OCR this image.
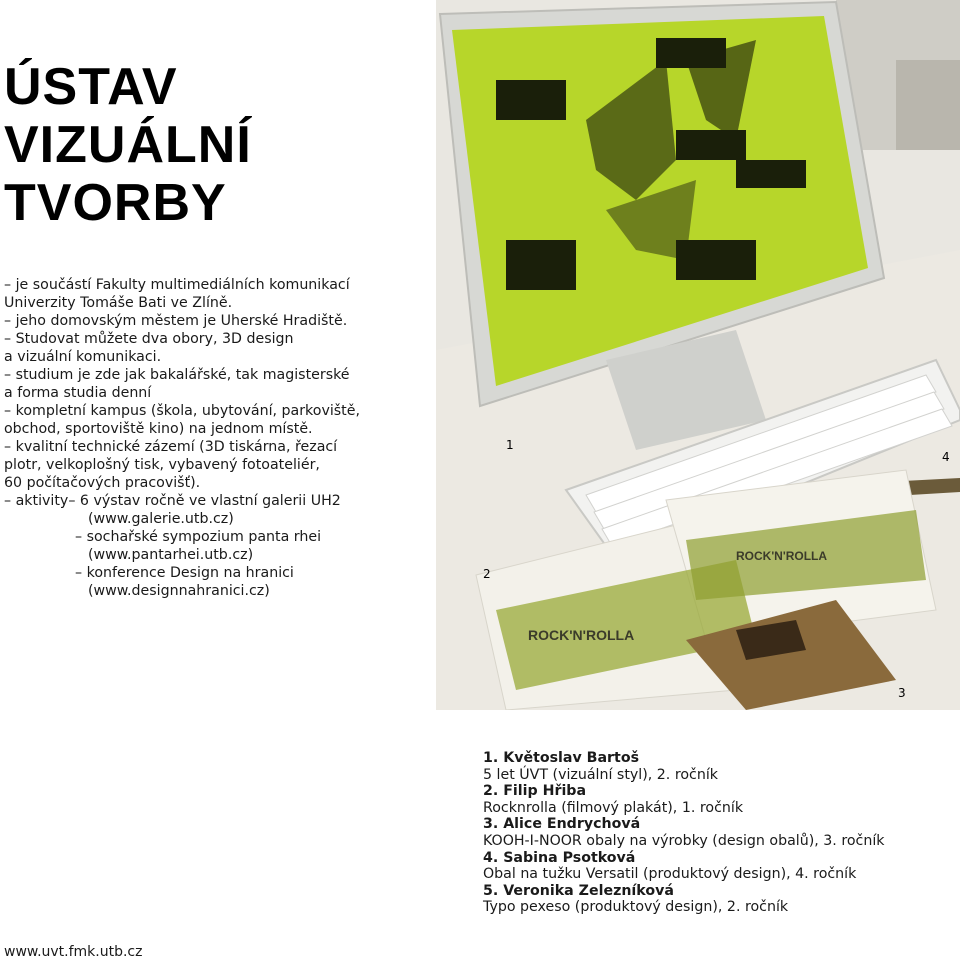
ÚSTAV
VIZUÁLNÍ
TVORBY
– je součástí Fakulty multimediálních komunikací
Univerzity Tomáše Bati ve Zlíně.
– jeho domovským městem je Uherské Hradiště.
– Studovat můžete dva obory, 3D design
a vizuální komunikaci.
– studium je zde jak bakalářské, tak magisterské
a forma studia denní
– kompletní kampus (škola, ubytování, parkoviště,
obchod, sportoviště kino) na jednom místě.
– kvalitní technické zázemí (3D tiskárna, řezací
plotr, velkoplošný tisk, vybavený fotoateliér,
60 počítačových pracovišť).
– aktivity– 6 výstav ročně ve vlastní galerii UH2
(www.galerie.utb.cz)
– sochařské sympozium panta rhei
(www.pantarhei.utb.cz)
– konference Design na hranici
(www.designnahranici.cz)
ROCK'N'ROLLA
ROCK'N'ROLLA
1
2
3
4
1. Květoslav Bartoš
5 let ÚVT (vizuální styl), 2. ročník
2. Filip Hřiba
Rocknrolla (filmový plakát), 1. ročník
3. Alice Endrychová
KOOH-I-NOOR obaly na výrobky (design obalů), 3. ročník
4. Sabina Psotková
Obal na tužku Versatil (produktový design), 4. ročník
5. Veronika Zelezníková
Typo pexeso (produktový design), 2. ročník
www.uvt.fmk.utb.cz
